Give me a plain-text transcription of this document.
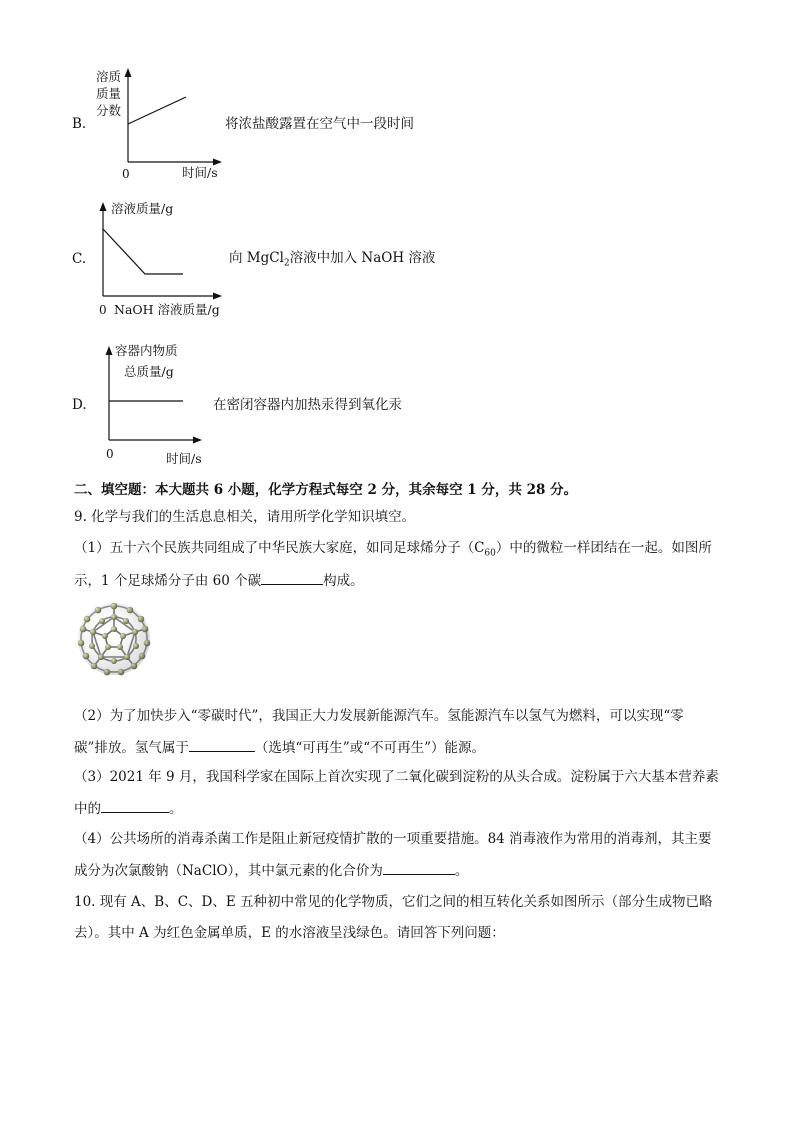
B.
溶质
质量
分数
0	时间/s
将浓盐酸露置在空气中一段时间
C.
溶液质量/g
0 NaOH 溶液质量/g
向 MgCl$_2$溶液中加入 NaOH 溶液
D.
容器内物质
总质量/g
0	时间/s
在密闭容器内加热汞得到氧化汞
二、填空题：本大题共 6 小题，化学方程式每空 2 分，其余每空 1 分，共 28 分。
9. 化学与我们的生活息息相关，请用所学化学知识填空。
（1）五十六个民族共同组成了中华民族大家庭，如同足球烯分子$(C_{60})$中的微粒一样团结在一起。如图所
示，1 个足球烯分子由 60 个碳	构成。
（2）为了加快步入“零碳时代”，我国正大力发展新能源汽车。氢能源汽车以氢气为燃料，可以实现“零
碳”排放。氢气属于	（选填“可再生”或“不可再生”）能源。
（3）2021 年 9 月，我国科学家在国际上首次实现了二氧化碳到淀粉的从头合成。淀粉属于六大基本营养素
中的	。
（4）公共场所的消毒杀菌工作是阻止新冠疫情扩散的一项重要措施。84 消毒液作为常用的消毒剂，其主要
成分为次氯酸钠（NaClO），其中氯元素的化合价为	。
10. 现有 A、B、C、D、E 五种初中常见的化学物质，它们之间的相互转化关系如图所示（部分生成物已略
去）。其中 A 为红色金属单质，E 的水溶液呈浅绿色。请回答下列问题：
